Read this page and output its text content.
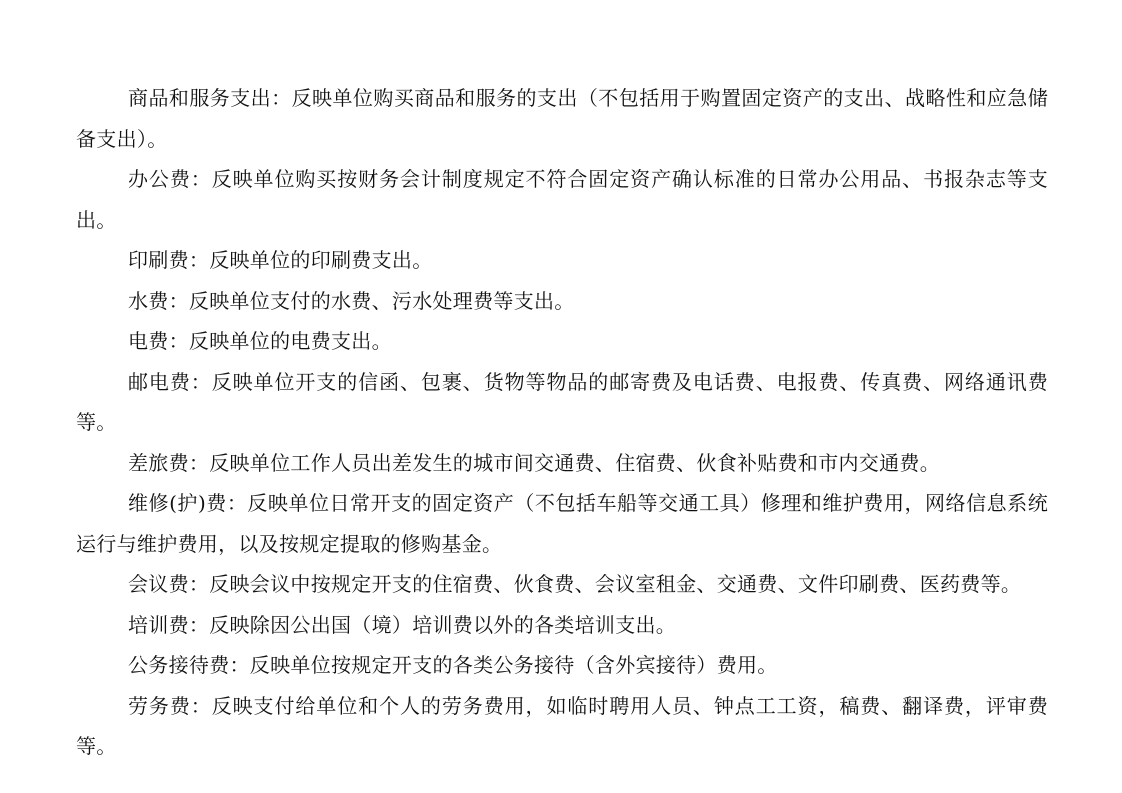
商品和服务支出：反映单位购买商品和服务的支出（不包括用于购置固定资产的支出、战略性和应急储备支出）。

办公费：反映单位购买按财务会计制度规定不符合固定资产确认标准的日常办公用品、书报杂志等支出。

印刷费：反映单位的印刷费支出。

水费：反映单位支付的水费、污水处理费等支出。

电费：反映单位的电费支出。

邮电费：反映单位开支的信函、包裹、货物等物品的邮寄费及电话费、电报费、传真费、网络通讯费等。

差旅费：反映单位工作人员出差发生的城市间交通费、住宿费、伙食补贴费和市内交通费。

维修(护)费：反映单位日常开支的固定资产（不包括车船等交通工具）修理和维护费用，网络信息系统运行与维护费用，以及按规定提取的修购基金。

会议费：反映会议中按规定开支的住宿费、伙食费、会议室租金、交通费、文件印刷费、医药费等。

培训费：反映除因公出国（境）培训费以外的各类培训支出。

公务接待费：反映单位按规定开支的各类公务接待（含外宾接待）费用。

劳务费：反映支付给单位和个人的劳务费用，如临时聘用人员、钟点工工资，稿费、翻译费，评审费等。
